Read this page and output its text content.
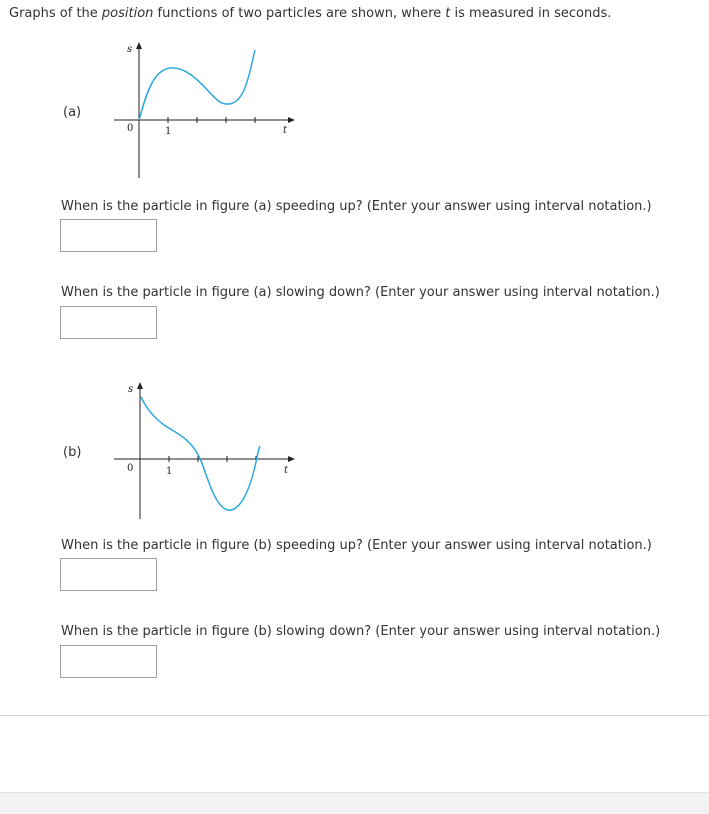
Graphs of the position functions of two particles are shown, where t is measured in seconds.
(a)
s
0	1	t
When is the particle in figure (a) speeding up? (Enter your answer using interval notation.)
When is the particle in figure (a) slowing down? (Enter your answer using interval notation.)
(b)
s
0	1	t
When is the particle in figure (b) speeding up? (Enter your answer using interval notation.)
When is the particle in figure (b) slowing down? (Enter your answer using interval notation.)
